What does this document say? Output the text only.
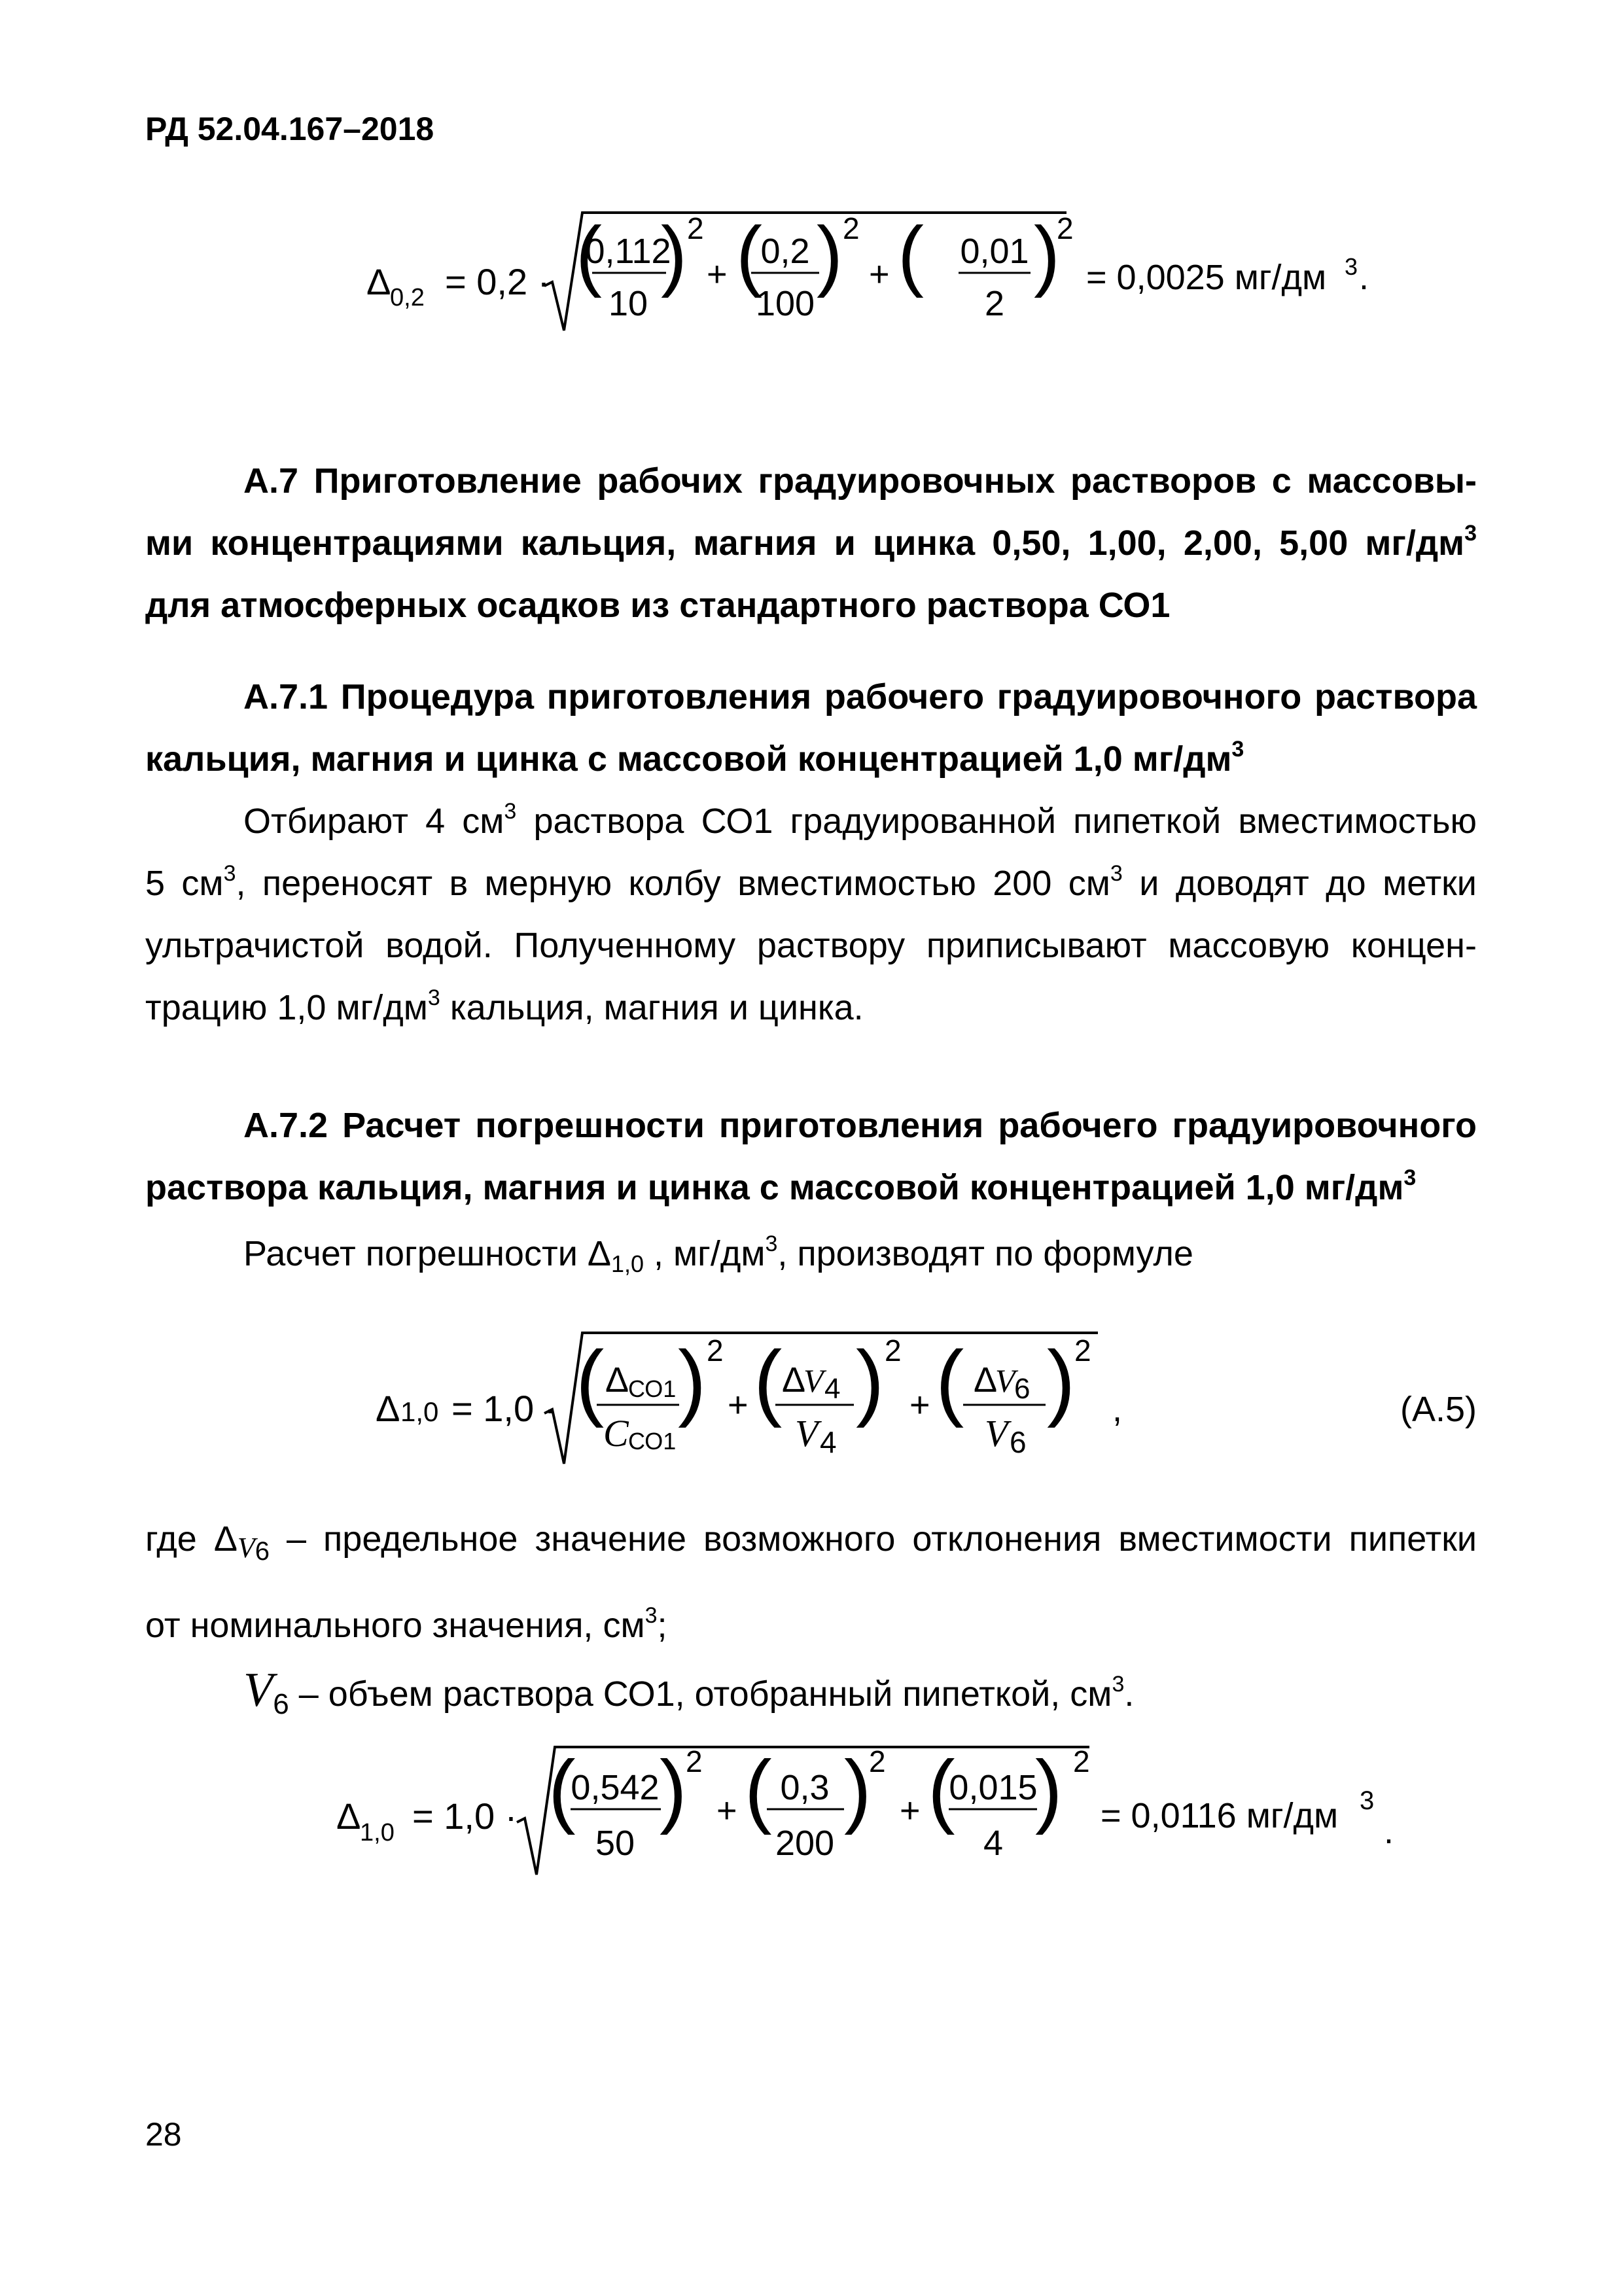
РД 52.04.167–2018
Δ
0,2 = 0,2 · (
0,112
10
) 2
+ (
0,2
100
) 2
+ ( 0,01
2
)
2
= 0,0025 мг/дм 3 .
А.7 Приготовление рабочих градуировочных растворов с массовы-
ми концентрациями кальция, магния и цинка 0,50, 1,00, 2,00, 5,00 $мг/дм^3$
для атмосферных осадков из стандартного раствора СО1
А.7.1 Процедура приготовления рабочего градуировочного раствора
кальция, магния и цинка с массовой концентрацией 1,0 $мг/дм^3$
Отбирают 4 $см^3$ раствора СО1 градуированной пипеткой вместимостью
5 $см^3$, переносят в мерную колбу вместимостью 200 $см^3$ и доводят до метки
ультрачистой водой. Полученному раствору приписывают массовую концен-
трацию 1,0 $мг/дм^3$ кальция, магния и цинка.
А.7.2 Расчет погрешности приготовления рабочего градуировочного
раствора кальция, магния и цинка с массовой концентрацией 1,0 $мг/дм^3$
Расчет погрешности Δ1,0 , $мг/дм^3$, производят по формуле
Δ 1,0 = 1,0 · ( Δ
СО1
C СО1
) 2
+ ( Δ
V 4
V 4
) 2
+ ( Δ
V
6
V 6
)
2
,	(А.5)
где $\Delta V_6$ – предельное значение возможного отклонения вместимости пипетки
от номинального значения, $см^3$;
$V_6$ – объем раствора СО1, отобранный пипеткой, $см^3$.
Δ
1,0 = 1,0 · (
0,542
50
)
2
+ ( 0,3
200
)
2
+ (
0,015
4
) 2
= 0,0116 мг/дм 3
.
28
